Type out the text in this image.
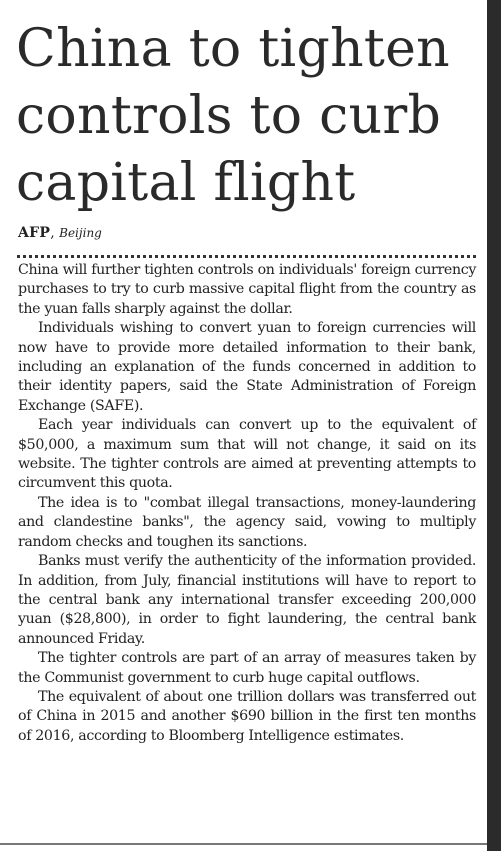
China to tighten controls to curb capital flight
AFP, Beijing

China will further tighten controls on individuals' foreign currency purchases to try to curb massive capital flight from the country as the yuan falls sharply against the dollar.

Individuals wishing to convert yuan to foreign currencies will now have to provide more detailed information to their bank, including an explanation of the funds concerned in addition to their identity papers, said the State Administration of Foreign Exchange (SAFE).

Each year individuals can convert up to the equivalent of $50,000, a maximum sum that will not change, it said on its website. The tighter controls are aimed at preventing attempts to circumvent this quota.

The idea is to "combat illegal transactions, money-laundering and clandestine banks", the agency said, vowing to multiply random checks and toughen its sanctions.

Banks must verify the authenticity of the information provided. In addition, from July, financial institutions will have to report to the central bank any international transfer exceeding 200,000 yuan ($28,800), in order to fight laundering, the central bank announced Friday.

The tighter controls are part of an array of measures taken by the Communist government to curb huge capital outflows.

The equivalent of about one trillion dollars was transferred out of China in 2015 and another $690 billion in the first ten months of 2016, according to Bloomberg Intelligence estimates.
